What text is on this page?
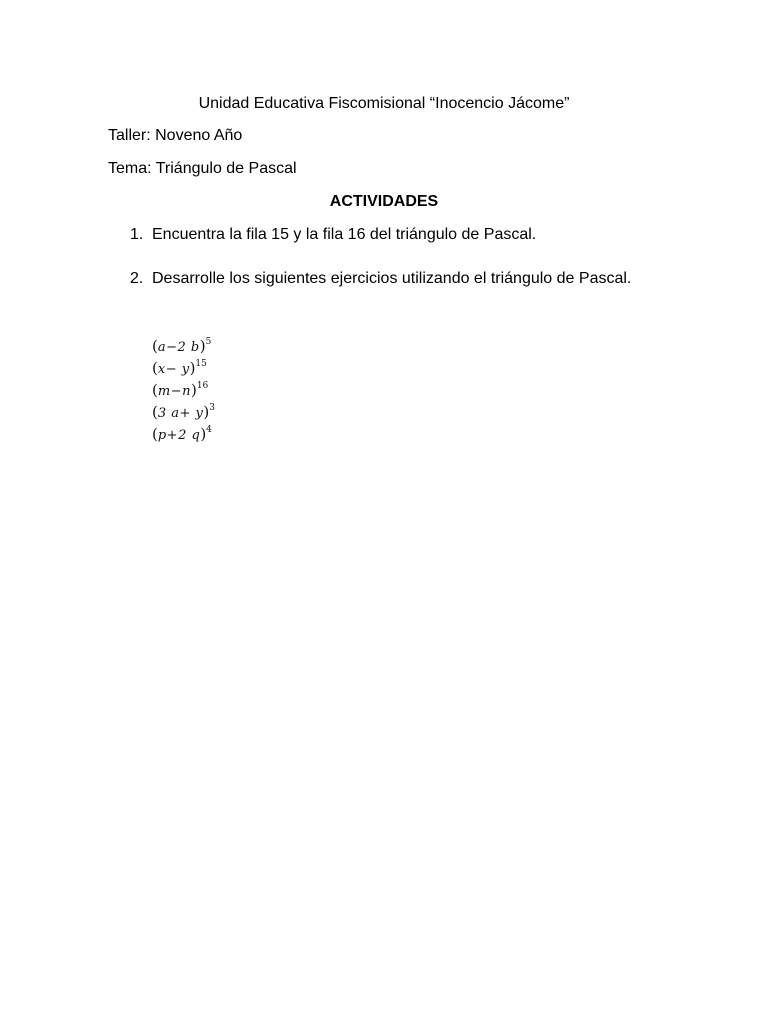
Unidad Educativa Fiscomisional “Inocencio Jácome”
Taller: Noveno Año
Tema: Triángulo de Pascal
ACTIVIDADES
1. Encuentra la fila 15 y la fila 16 del triángulo de Pascal.
2. Desarrolle los siguientes ejercicios utilizando el triángulo de Pascal.
(a−2 b)$^5$
$(x- y)^{15}$
$(m-n)^{16}$
(3 a+ y)$^3$
(p+2 q)$^4$
